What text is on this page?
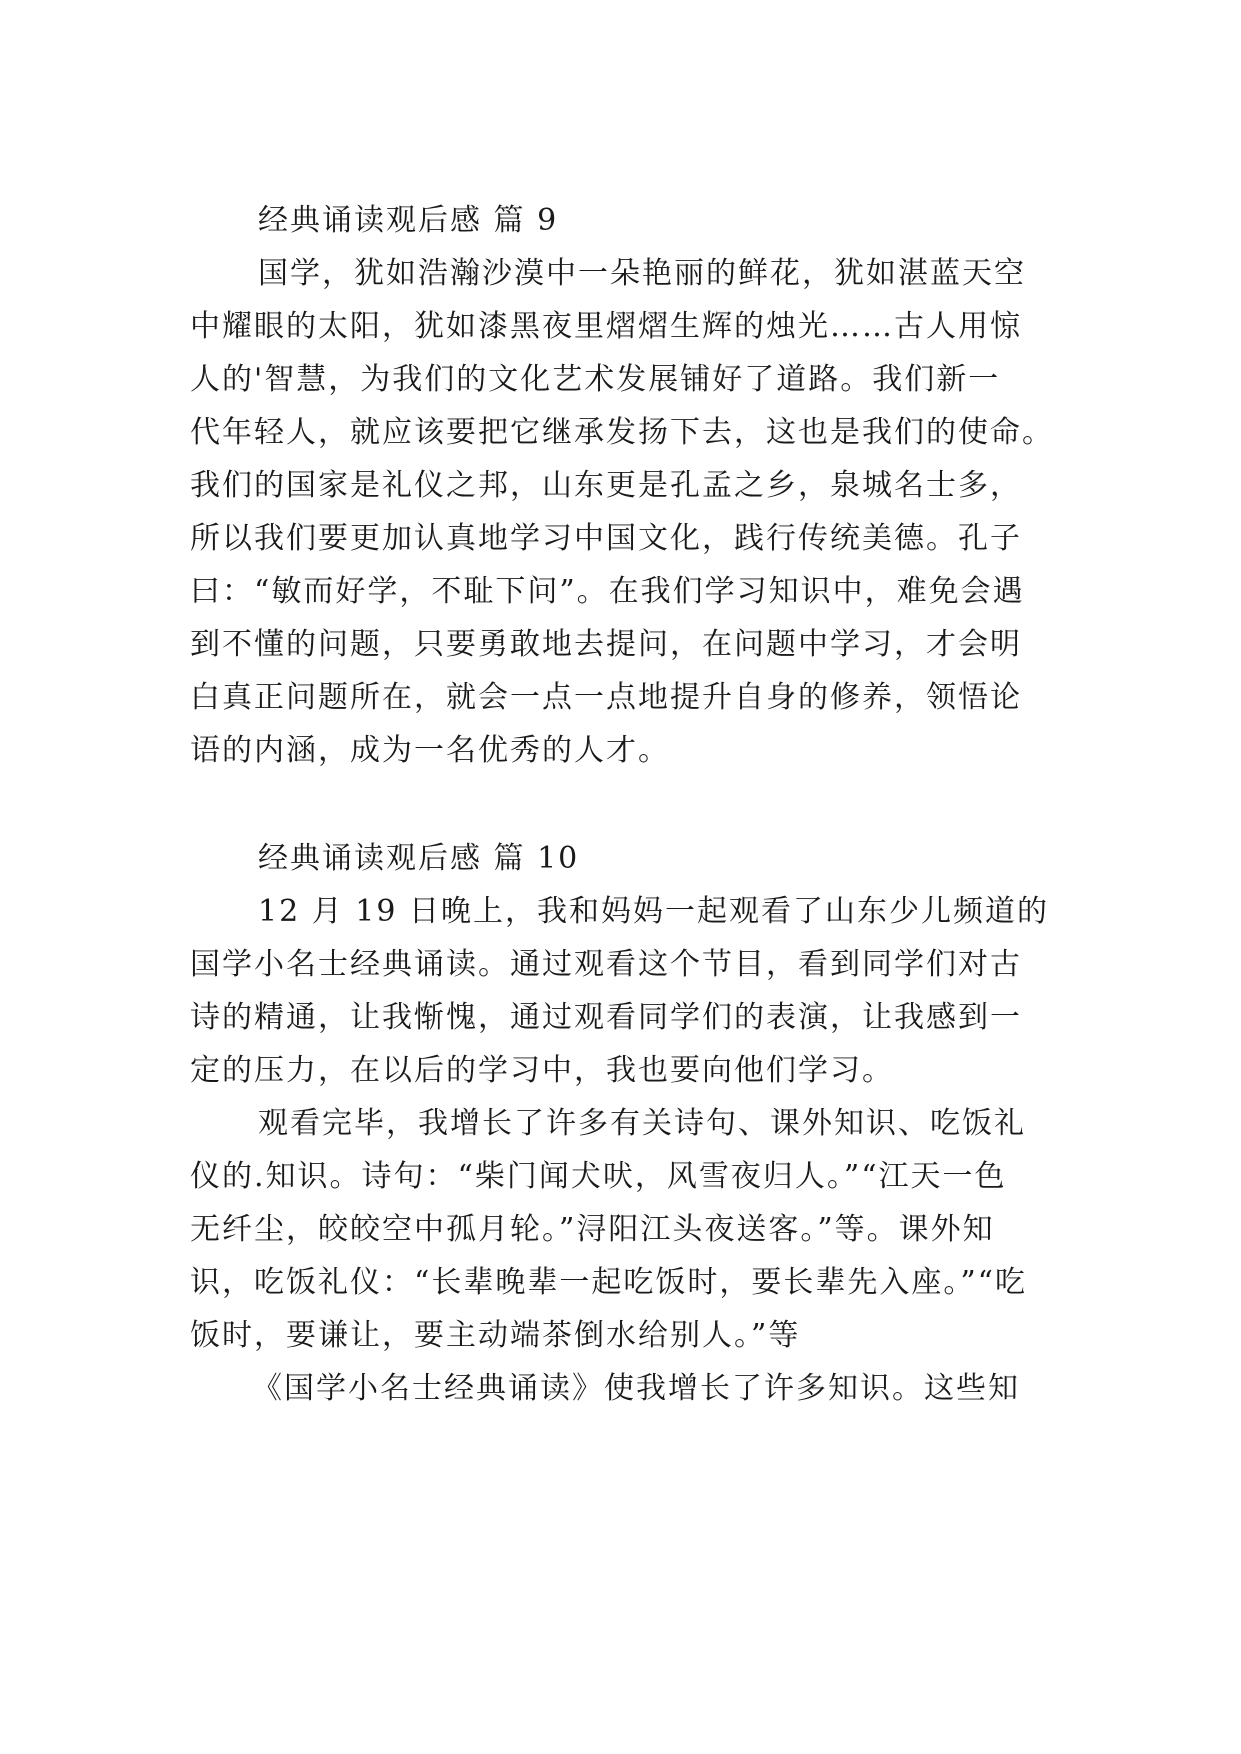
经典诵读观后感 篇 9
国学，犹如浩瀚沙漠中一朵艳丽的鲜花，犹如湛蓝天空
中耀眼的太阳，犹如漆黑夜里熠熠生辉的烛光……古人用惊
人的'智慧，为我们的文化艺术发展铺好了道路。我们新一
代年轻人，就应该要把它继承发扬下去，这也是我们的使命。
我们的国家是礼仪之邦，山东更是孔孟之乡，泉城名士多，
所以我们要更加认真地学习中国文化，践行传统美德。孔子
曰：“敏而好学，不耻下问”。在我们学习知识中，难免会遇
到不懂的问题，只要勇敢地去提问，在问题中学习，才会明
白真正问题所在，就会一点一点地提升自身的修养，领悟论
语的内涵，成为一名优秀的人才。
经典诵读观后感 篇 10
12 月 19 日晚上，我和妈妈一起观看了山东少儿频道的
国学小名士经典诵读。通过观看这个节目，看到同学们对古
诗的精通，让我惭愧，通过观看同学们的表演，让我感到一
定的压力，在以后的学习中，我也要向他们学习。
观看完毕，我增长了许多有关诗句、课外知识、吃饭礼
仪的.知识。诗句：“柴门闻犬吠，风雪夜归人。”“江天一色
无纤尘，皎皎空中孤月轮。”浔阳江头夜送客。”等。课外知
识，吃饭礼仪：“长辈晚辈一起吃饭时，要长辈先入座。”“吃
饭时，要谦让，要主动端茶倒水给别人。”等
《国学小名士经典诵读》使我增长了许多知识。这些知
